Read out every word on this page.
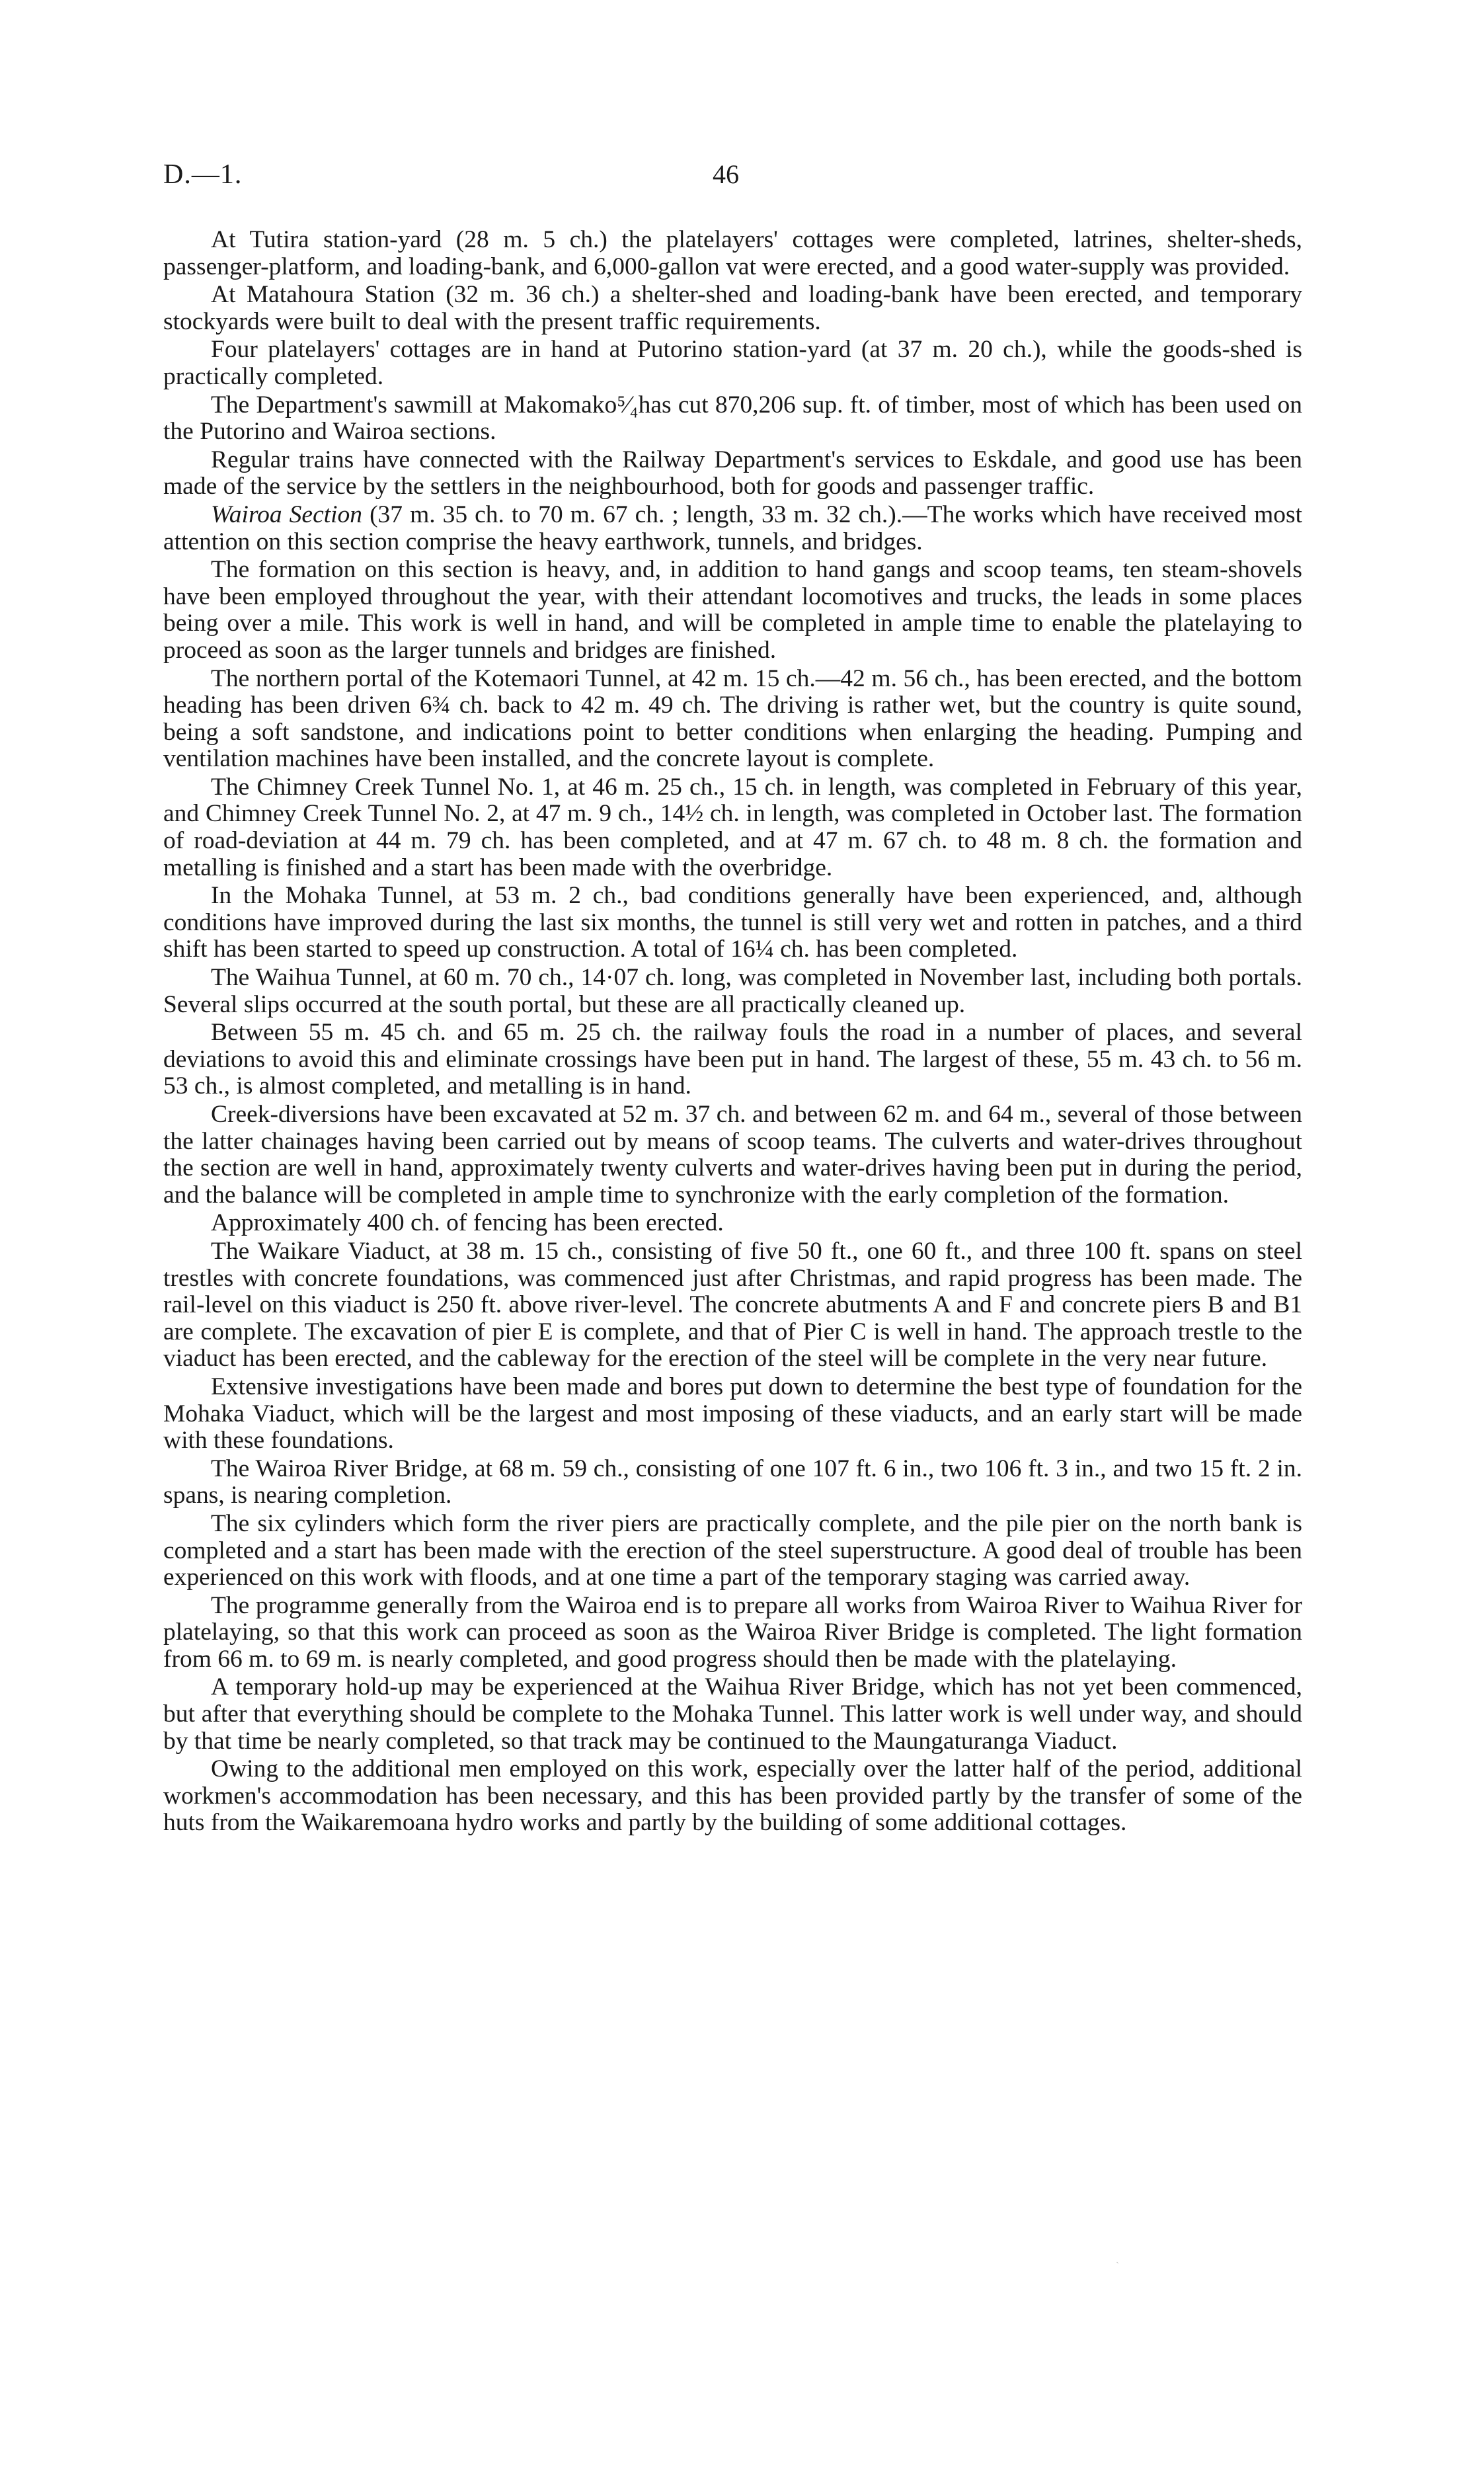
D.—1.	46

At Tutira station-yard (28 m. 5 ch.) the platelayers' cottages were completed, latrines, shelter-sheds, passenger-platform, and loading-bank, and 6,000-gallon vat were erected, and a good water-supply was provided.

At Matahoura Station (32 m. 36 ch.) a shelter-shed and loading-bank have been erected, and temporary stockyards were built to deal with the present traffic requirements.

Four platelayers' cottages are in hand at Putorino station-yard (at 37 m. 20 ch.), while the goods-shed is practically completed.

The Department's sawmill at Makomako⁵⁄₄has cut 870,206 sup. ft. of timber, most of which has been used on the Putorino and Wairoa sections.

Regular trains have connected with the Railway Department's services to Eskdale, and good use has been made of the service by the settlers in the neighbourhood, both for goods and passenger traffic.

Wairoa Section (37 m. 35 ch. to 70 m. 67 ch. ; length, 33 m. 32 ch.).—The works which have received most attention on this section comprise the heavy earthwork, tunnels, and bridges.

The formation on this section is heavy, and, in addition to hand gangs and scoop teams, ten steam-shovels have been employed throughout the year, with their attendant locomotives and trucks, the leads in some places being over a mile. This work is well in hand, and will be completed in ample time to enable the platelaying to proceed as soon as the larger tunnels and bridges are finished.

The northern portal of the Kotemaori Tunnel, at 42 m. 15 ch.—42 m. 56 ch., has been erected, and the bottom heading has been driven 6¾ ch. back to 42 m. 49 ch. The driving is rather wet, but the country is quite sound, being a soft sandstone, and indications point to better conditions when enlarging the heading. Pumping and ventilation machines have been installed, and the concrete layout is complete.

The Chimney Creek Tunnel No. 1, at 46 m. 25 ch., 15 ch. in length, was completed in February of this year, and Chimney Creek Tunnel No. 2, at 47 m. 9 ch., 14½ ch. in length, was completed in October last. The formation of road-deviation at 44 m. 79 ch. has been completed, and at 47 m. 67 ch. to 48 m. 8 ch. the formation and metalling is finished and a start has been made with the overbridge.

In the Mohaka Tunnel, at 53 m. 2 ch., bad conditions generally have been experienced, and, although conditions have improved during the last six months, the tunnel is still very wet and rotten in patches, and a third shift has been started to speed up construction. A total of 16¼ ch. has been completed.

The Waihua Tunnel, at 60 m. 70 ch., 14·07 ch. long, was completed in November last, including both portals. Several slips occurred at the south portal, but these are all practically cleaned up.

Between 55 m. 45 ch. and 65 m. 25 ch. the railway fouls the road in a number of places, and several deviations to avoid this and eliminate crossings have been put in hand. The largest of these, 55 m. 43 ch. to 56 m. 53 ch., is almost completed, and metalling is in hand.

Creek-diversions have been excavated at 52 m. 37 ch. and between 62 m. and 64 m., several of those between the latter chainages having been carried out by means of scoop teams. The culverts and water-drives throughout the section are well in hand, approximately twenty culverts and water-drives having been put in during the period, and the balance will be completed in ample time to synchronize with the early completion of the formation.

Approximately 400 ch. of fencing has been erected.

The Waikare Viaduct, at 38 m. 15 ch., consisting of five 50 ft., one 60 ft., and three 100 ft. spans on steel trestles with concrete foundations, was commenced just after Christmas, and rapid progress has been made. The rail-level on this viaduct is 250 ft. above river-level. The concrete abutments A and F and concrete piers B and B1 are complete. The excavation of pier E is complete, and that of Pier C is well in hand. The approach trestle to the viaduct has been erected, and the cableway for the erection of the steel will be complete in the very near future.

Extensive investigations have been made and bores put down to determine the best type of foundation for the Mohaka Viaduct, which will be the largest and most imposing of these viaducts, and an early start will be made with these foundations.

The Wairoa River Bridge, at 68 m. 59 ch., consisting of one 107 ft. 6 in., two 106 ft. 3 in., and two 15 ft. 2 in. spans, is nearing completion.

The six cylinders which form the river piers are practically complete, and the pile pier on the north bank is completed and a start has been made with the erection of the steel superstructure. A good deal of trouble has been experienced on this work with floods, and at one time a part of the temporary staging was carried away.

The programme generally from the Wairoa end is to prepare all works from Wairoa River to Waihua River for platelaying, so that this work can proceed as soon as the Wairoa River Bridge is completed. The light formation from 66 m. to 69 m. is nearly completed, and good progress should then be made with the platelaying.

A temporary hold-up may be experienced at the Waihua River Bridge, which has not yet been commenced, but after that everything should be complete to the Mohaka Tunnel. This latter work is well under way, and should by that time be nearly completed, so that track may be continued to the Maungaturanga Viaduct.

Owing to the additional men employed on this work, especially over the latter half of the period, additional workmen's accommodation has been necessary, and this has been provided partly by the transfer of some of the huts from the Waikaremoana hydro works and partly by the building of some additional cottages.

ˋ
